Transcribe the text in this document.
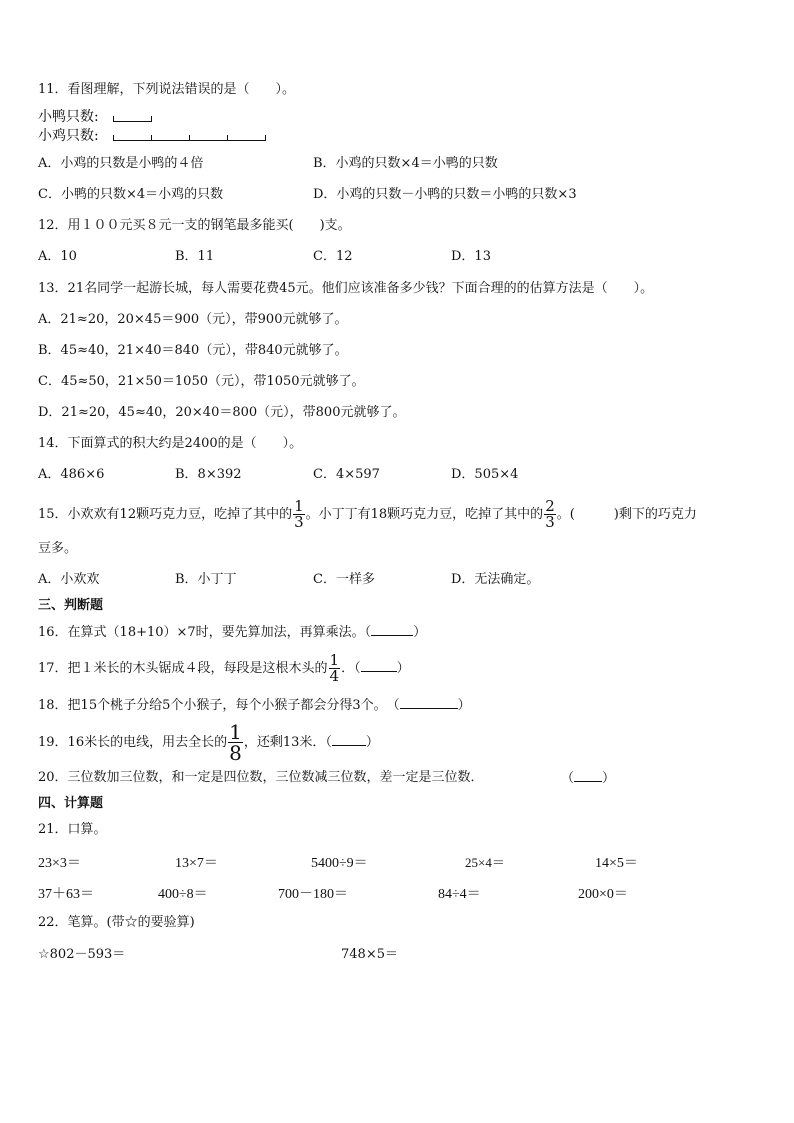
11．看图理解，下列说法错误的是（　　）。
小鸭只数:
小鸡只数:
A．小鸡的只数是小鸭的４倍	B．小鸡的只数×4＝小鸭的只数
C．小鸭的只数×4＝小鸡的只数	D．小鸡的只数－小鸭的只数＝小鸭的只数×3
12．用１００元买８元一支的钢笔最多能买(　　)支。
A．10	B．11	C．12	D．13
13．21名同学一起游长城，每人需要花费45元。他们应该准备多少钱？下面合理的的估算方法是（　　）。
A．21≈20，20×45＝900（元），带900元就够了。
B．45≈40，21×40＝840（元），带840元就够了。
C．45≈50，21×50＝1050（元），带1050元就够了。
D．21≈20，45≈40，20×40＝800（元），带800元就够了。
14．下面算式的积大约是2400的是（　　）。
A．486×6	B．8×392	C．4×597	D．505×4
15．小欢欢有12颗巧克力豆，吃掉了其中的 $\frac{1}{3}$ 。小丁丁有18颗巧克力豆，吃掉了其中的 $\frac{2}{3}$ 。(　　　)剩下的巧克力
豆多。
A．小欢欢	B．小丁丁	C．一样多	D．无法确定。
三、判断题
16．在算式（18+10）×7时，要先算加法，再算乘法。（	）
17．把１米长的木头锯成４段，每段是这根木头的 $\frac{1}{4}$ ．（	）
18．把15个桃子分给5个小猴子，每个小猴子都会分得3个。　（	）
19．16米长的电线，用去全长的 $\frac{1}{8}$ ，还剩13米．（	）
20．三位数加三位数，和一定是四位数，三位数减三位数，差一定是三位数．	（ ）
四、计算题
21．口算。
23×3＝	13×7＝	5400÷9＝	25×4＝	14×5＝
37＋63＝	400÷8＝	700－180＝	84÷4＝	200×0＝
22．笔算。(带☆的要验算)
☆802－593＝	748×5＝
